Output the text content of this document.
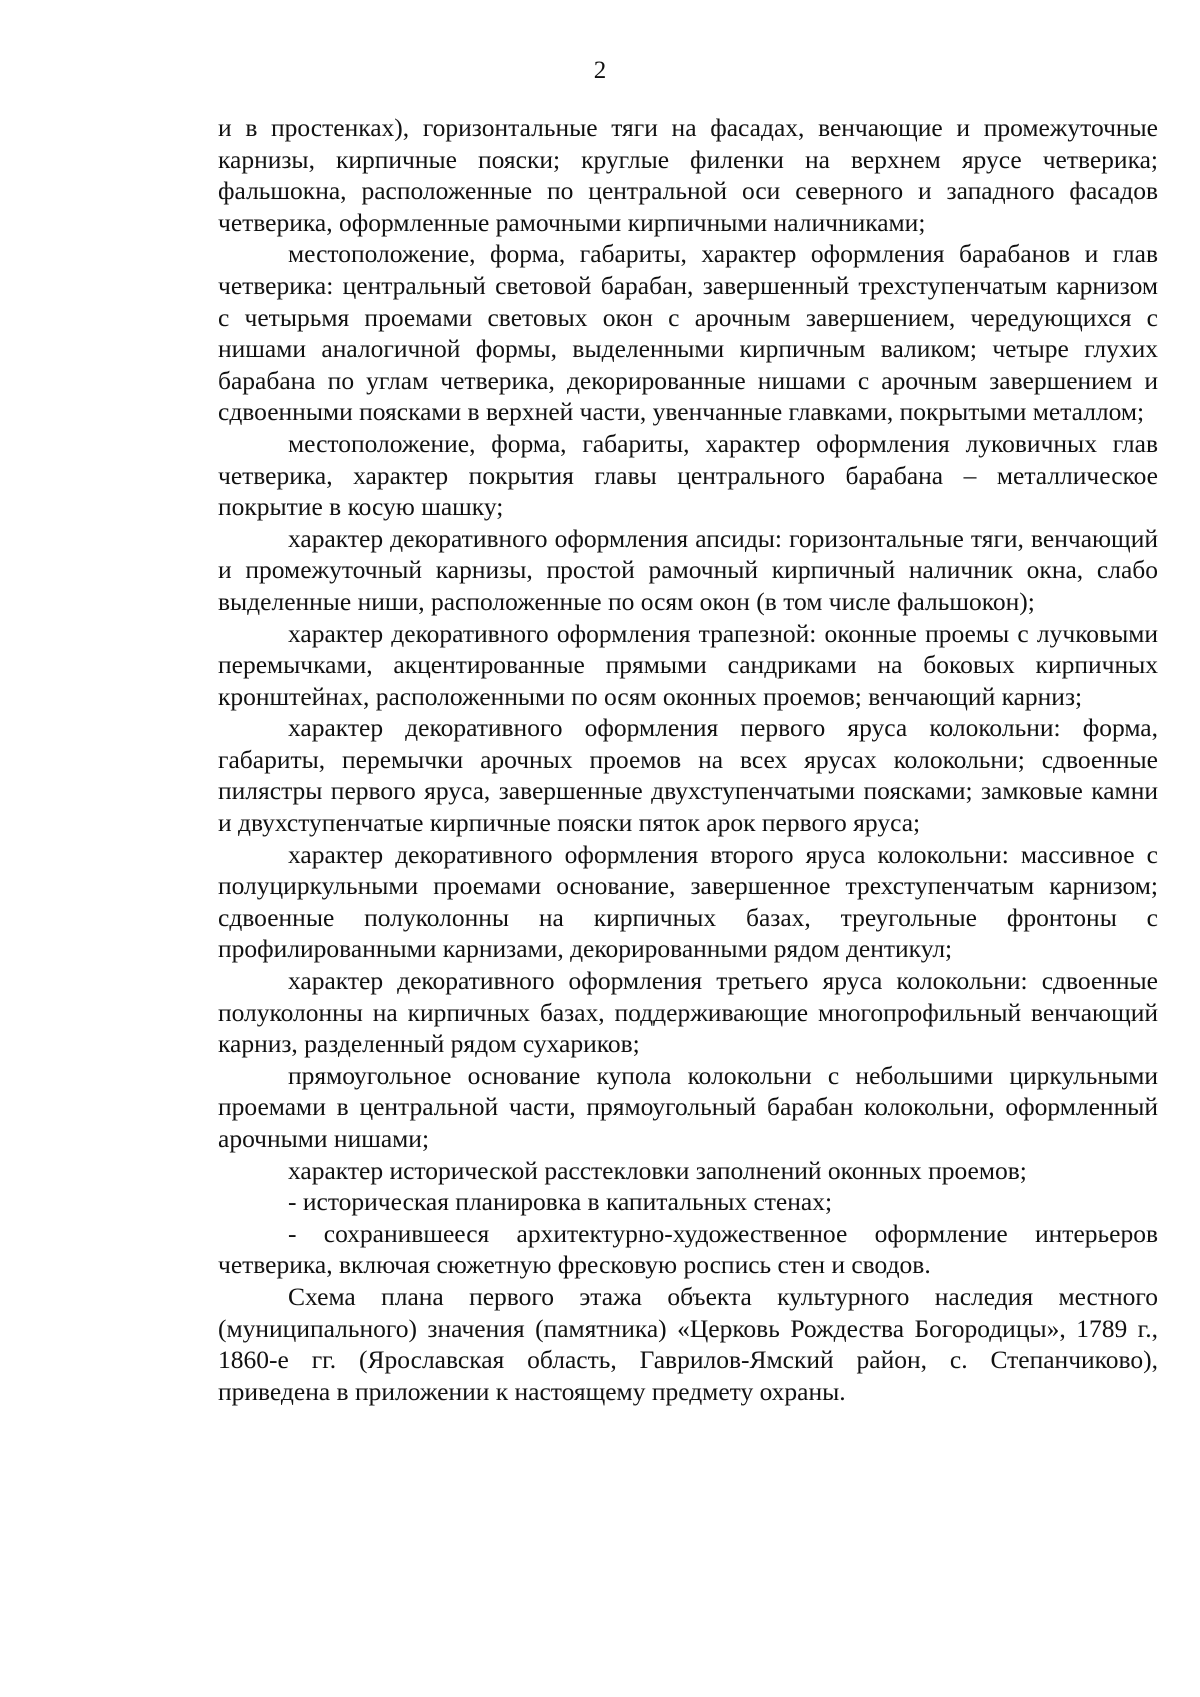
2

и в простенках), горизонтальные тяги на фасадах, венчающие и промежуточные карнизы, кирпичные пояски; круглые филенки на верхнем ярусе четверика; фальшокна, расположенные по центральной оси северного и западного фасадов четверика, оформленные рамочными кирпичными наличниками;

местоположение, форма, габариты, характер оформления барабанов и глав четверика: центральный световой барабан, завершенный трехступенчатым карнизом с четырьмя проемами световых окон с арочным завершением, чередующихся с нишами аналогичной формы, выделенными кирпичным валиком; четыре глухих барабана по углам четверика, декорированные нишами с арочным завершением и сдвоенными поясками в верхней части, увенчанные главками, покрытыми металлом;

местоположение, форма, габариты, характер оформления луковичных глав четверика, характер покрытия главы центрального барабана – металлическое покрытие в косую шашку;

характер декоративного оформления апсиды: горизонтальные тяги, венчающий и промежуточный карнизы, простой рамочный кирпичный наличник окна, слабо выделенные ниши, расположенные по осям окон (в том числе фальшокон);

характер декоративного оформления трапезной: оконные проемы с лучковыми перемычками, акцентированные прямыми сандриками на боковых кирпичных кронштейнах, расположенными по осям оконных проемов; венчающий карниз;

характер декоративного оформления первого яруса колокольни: форма, габариты, перемычки арочных проемов на всех ярусах колокольни; сдвоенные пилястры первого яруса, завершенные двухступенчатыми поясками; замковые камни и двухступенчатые кирпичные пояски пяток арок первого яруса;

характер декоративного оформления второго яруса колокольни: массивное с полуциркульными проемами основание, завершенное трехступенчатым карнизом; сдвоенные полуколонны на кирпичных базах, треугольные фронтоны с профилированными карнизами, декорированными рядом дентикул;

характер декоративного оформления третьего яруса колокольни: сдвоенные полуколонны на кирпичных базах, поддерживающие многопрофильный венчающий карниз, разделенный рядом сухариков;

прямоугольное основание купола колокольни с небольшими циркульными проемами в центральной части, прямоугольный барабан колокольни, оформленный арочными нишами;

характер исторической расстекловки заполнений оконных проемов;

- историческая планировка в капитальных стенах;

- сохранившееся архитектурно-художественное оформление интерьеров четверика, включая сюжетную фресковую роспись стен и сводов.

Схема плана первого этажа объекта культурного наследия местного (муниципального) значения (памятника) «Церковь Рождества Богородицы», 1789 г., 1860-е гг. (Ярославская область, Гаврилов-Ямский район, с. Степанчиково), приведена в приложении к настоящему предмету охраны.
